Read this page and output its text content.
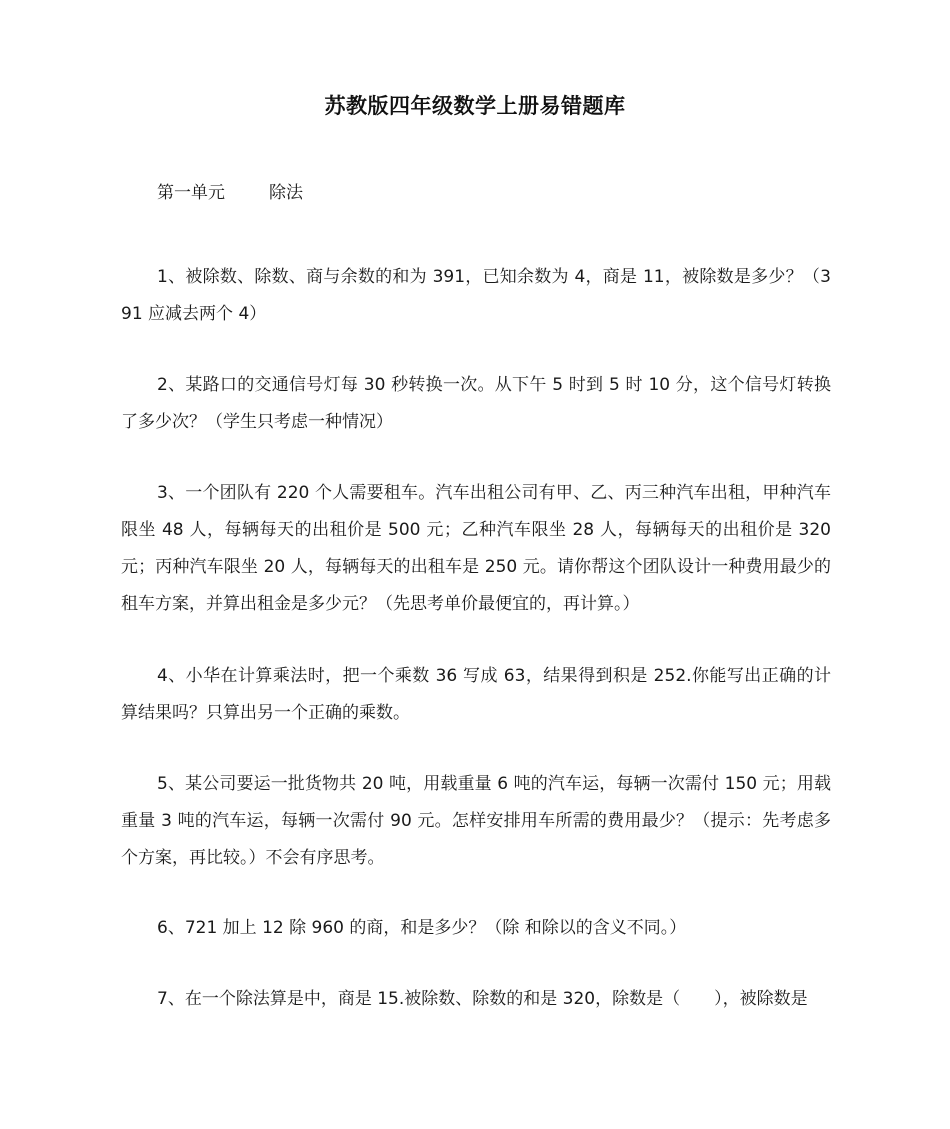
苏教版四年级数学上册易错题库
第一单元	除法

1、被除数、除数、商与余数的和为 391，已知余数为 4，商是 11，被除数是多少？（391 应减去两个 4）

2、某路口的交通信号灯每 30 秒转换一次。从下午 5 时到 5 时 10 分，这个信号灯转换了多少次？（学生只考虑一种情况）

3、一个团队有 220 个人需要租车。汽车出租公司有甲、乙、丙三种汽车出租，甲种汽车限坐 48 人，每辆每天的出租价是 500 元；乙种汽车限坐 28 人，每辆每天的出租价是 320 元；丙种汽车限坐 20 人，每辆每天的出租车是 250 元。请你帮这个团队设计一种费用最少的租车方案，并算出租金是多少元？（先思考单价最便宜的，再计算。）

4、小华在计算乘法时，把一个乘数 36 写成 63，结果得到积是 252.你能写出正确的计算结果吗？只算出另一个正确的乘数。

5、某公司要运一批货物共 20 吨，用载重量 6 吨的汽车运，每辆一次需付 150 元；用载重量 3 吨的汽车运，每辆一次需付 90 元。怎样安排用车所需的费用最少？（提示：先考虑多个方案，再比较。）不会有序思考。

6、721 加上 12 除 960 的商，和是多少？（除 和除以的含义不同。）

7、在一个除法算是中，商是 15.被除数、除数的和是 320，除数是（　　），被除数是
